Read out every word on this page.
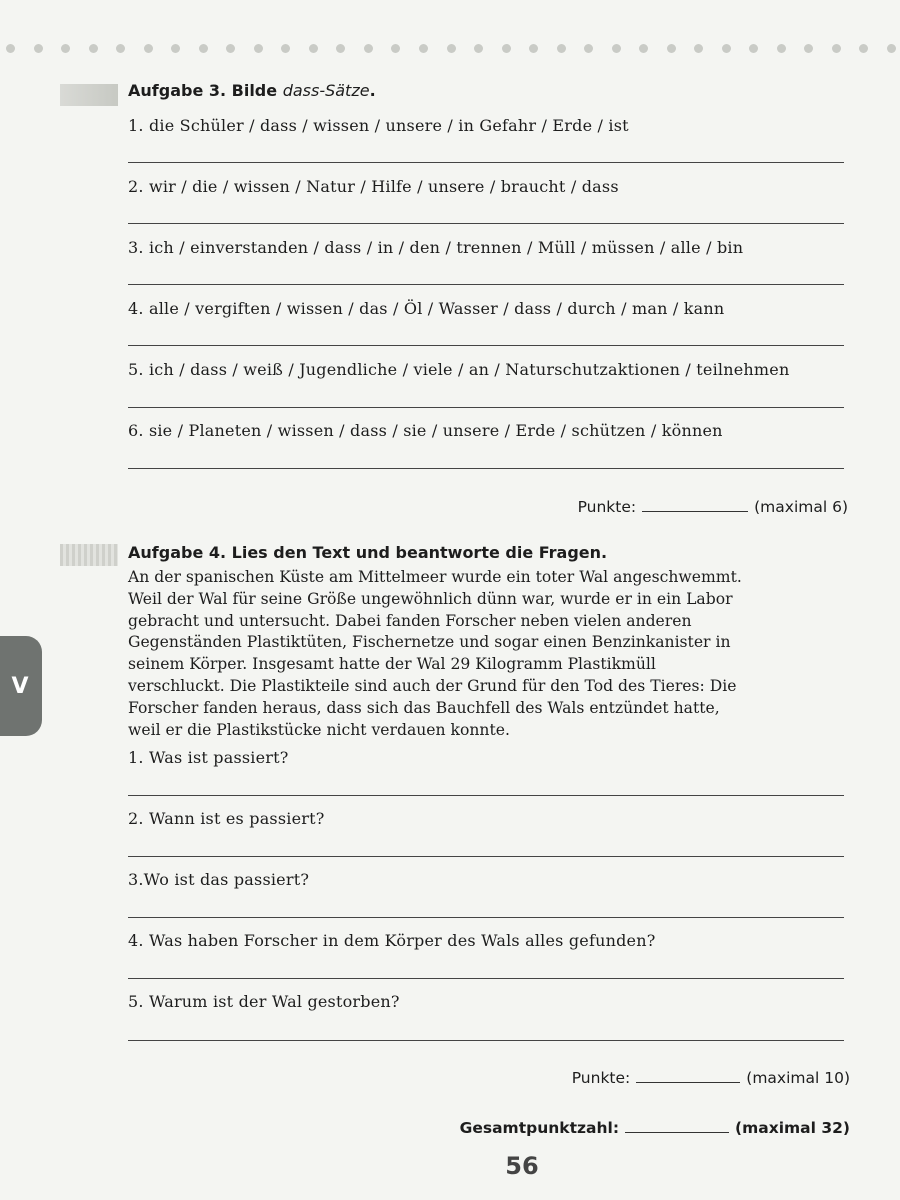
Aufgabe 3. Bilde dass-Sätze.
1. die Schüler / dass / wissen / unsere / in Gefahr / Erde / ist
2. wir / die / wissen / Natur / Hilfe / unsere / braucht / dass
3. ich / einverstanden / dass / in / den / trennen / Müll / müssen / alle / bin
4. alle / vergiften / wissen / das / Öl / Wasser / dass / durch / man / kann
5. ich / dass / weiß / Jugendliche / viele / an / Naturschutzaktionen / teilnehmen
6. sie / Planeten / wissen / dass / sie / unsere / Erde / schützen / können
Punkte:	(maximal 6)
Aufgabe 4. Lies den Text und beantworte die Fragen.
An der spanischen Küste am Mittelmeer wurde ein toter Wal angeschwemmt.
Weil der Wal für seine Größe ungewöhnlich dünn war, wurde er in ein Labor
gebracht und untersucht. Dabei fanden Forscher neben vielen anderen
Gegenständen Plastiktüten, Fischernetze und sogar einen Benzinkanister in
seinem Körper. Insgesamt hatte der Wal 29 Kilogramm Plastikmüll
verschluckt. Die Plastikteile sind auch der Grund für den Tod des Tieres: Die
Forscher fanden heraus, dass sich das Bauchfell des Wals entzündet hatte,
weil er die Plastikstücke nicht verdauen konnte.
1. Was ist passiert?
2. Wann ist es passiert?
3.Wo ist das passiert?
4. Was haben Forscher in dem Körper des Wals alles gefunden?
5. Warum ist der Wal gestorben?
Punkte:	(maximal 10)
Gesamtpunktzahl:	(maximal 32)
V
56
